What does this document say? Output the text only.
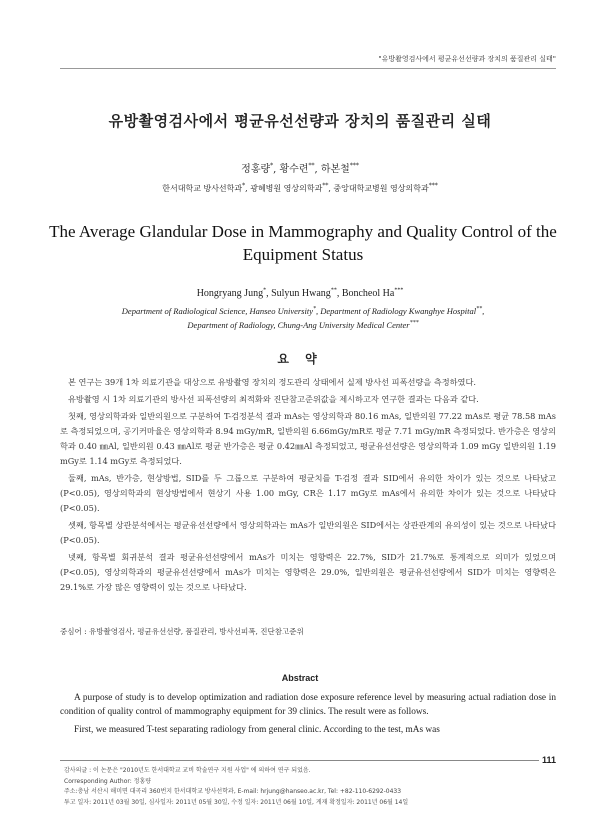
"유방촬영검사에서 평균유선선량과 장치의 품질관리 실태"
유방촬영검사에서 평균유선선량과 장치의 품질관리 실태
정홍량*, 황수련**, 하본철***
한서대학교 방사선학과*, 광혜병원 영상의학과**, 중앙대학교병원 영상의학과***
The Average Glandular Dose in Mammography and Quality Control of the Equipment Status
Hongryang Jung*, Sulyun Hwang**, Boncheol Ha***
Department of Radiological Science, Hanseo University*, Department of Radiology Kwanghye Hospital**,
Department of Radiology, Chung-Ang University Medical Center***
요 약

본 연구는 39개 1차 의료기관을 대상으로 유방촬영 장치의 정도관리 상태에서 실제 방사선 피폭선량을 측정하였다.

유방촬영 시 1차 의료기관의 방사선 피폭선량의 최적화와 진단참고준위값을 제시하고자 연구한 결과는 다음과 같다.

첫째, 영상의학과와 일반의원으로 구분하여 T-검정분석 결과 mAs는 영상의학과 80.16 mAs, 일반의원 77.22 mAs로 평균 78.58 mAs로 측정되었으며, 공기커마율은 영상의학과 8.94 mGy/mR, 일반의원 6.66mGy/mR로 평균 7.71 mGy/mR 측정되었다. 반가층은 영상의학과 0.40 ㎜Al, 일반의원 0.43 ㎜Al로 평균 반가층은 평균 0.42㎜Al 측정되었고, 평균유선선량은 영상의학과 1.09 mGy 일반의원 1.19 mGy로 1.14 mGy로 측정되었다.

둘째, mAs, 반가층, 현상방법, SID를 두 그룹으로 구분하여 평균치를 T-검정 결과 SID에서 유의한 차이가 있는 것으로 나타났고(P<0.05), 영상의학과의 현상방법에서 현상기 사용 1.00 mGy, CR은 1.17 mGy로 mAs에서 유의한 차이가 있는 것으로 나타났다(P<0.05).

셋째, 항목별 상관분석에서는 평균유선선량에서 영상의학과는 mAs가 일반의원은 SID에서는 상관관계의 유의성이 있는 것으로 나타났다(P<0.05).

넷째, 항목별 회귀분석 결과 평균유선선량에서 mAs가 미치는 영향력은 22.7%, SID가 21.7%로 통계적으로 의미가 있었으며(P<0.05), 영상의학과의 평균유선선량에서 mAs가 미치는 영향력은 29.0%, 일반의원은 평균유선선량에서 SID가 미치는 영향력은 29.1%로 가장 많은 영향력이 있는 것으로 나타났다.

중심어 : 유방촬영검사, 평균유선선량, 품질관리, 방사선피폭, 진단참고준위
Abstract

A purpose of study is to develop optimization and radiation dose exposure reference level by measuring actual radiation dose in condition of quality control of mammography equipment for 39 clinics. The result were as follows.

First, we measured T-test separating radiology from general clinic. According to the test, mAs was

111
감사의글 : 이 논문은 "2010년도 한서대학교 교비 학술연구 지원 사업" 에 의하여 연구 되었음.
Corresponding Author: 정홍량
주소:충남 서산시 해미면 대곡리 360번지 한서대학교 방사선학과, E-mail: hrjung@hanseo.ac.kr, Tel: +82-110-6292-0433
투고 일자: 2011년 03월 30일, 심사일자: 2011년 05월 30일, 수정 일자: 2011년 06월 10일, 게재 확정일자: 2011년 06월 14일
